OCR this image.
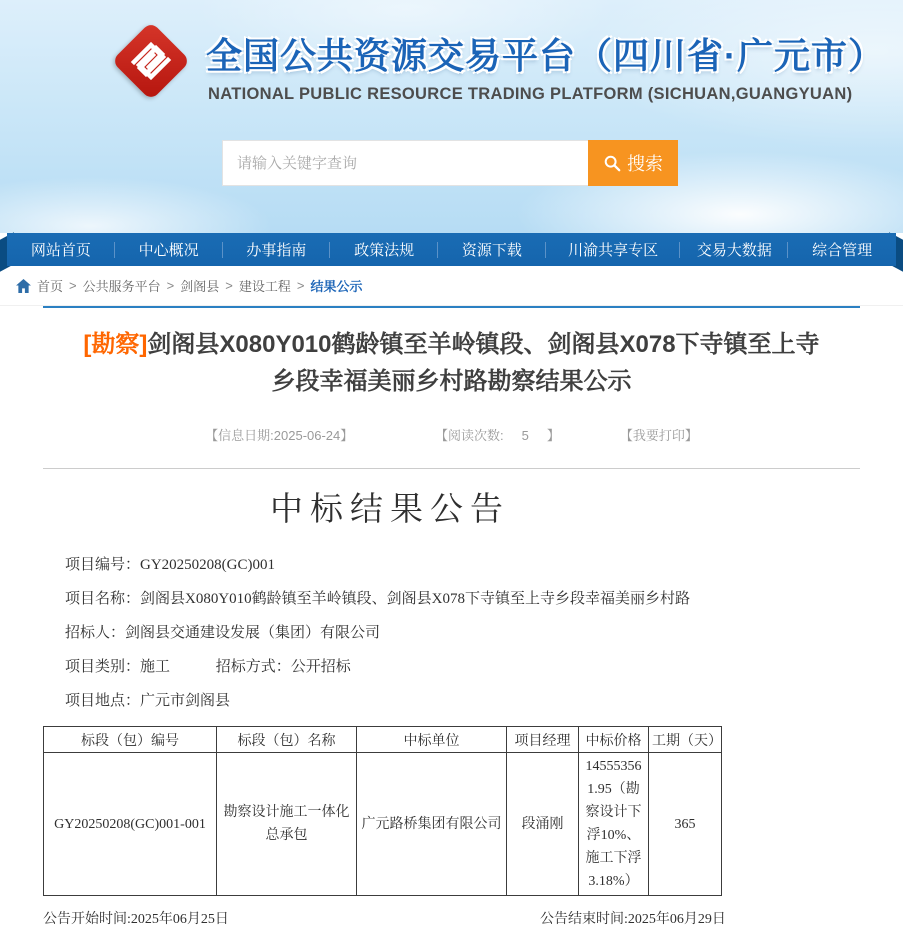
全国公共资源交易平台（四川省·广元市）
NATIONAL PUBLIC RESOURCE TRADING PLATFORM (SICHUAN,GUANGYUAN)
请输入关键字查询
搜索
网站首页	中心概况	办事指南	政策法规	资源下载	川渝共享专区	交易大数据	综合管理
首页 > 公共服务平台 > 剑阁县 > 建设工程 > 结果公示
[勘察]剑阁县X080Y010鹤龄镇至羊岭镇段、剑阁县X078下寺镇至上寺乡段幸福美丽乡村路勘察结果公示
【信息日期:2025-06-24】	【阅读次数: 5 】
	【我要打印】
中标结果公告
项目编号：GY20250208(GC)001
项目名称：剑阁县X080Y010鹤龄镇至羊岭镇段、剑阁县X078下寺镇至上寺乡段幸福美丽乡村路
招标人：剑阁县交通建设发展（集团）有限公司
项目类别：施工	招标方式：公开招标
项目地点：广元市剑阁县
标段（包）编号	标段（包）名称	中标单位	项目经理	中标价格	工期（天）
GY20250208(GC)001-001	勘察设计施工一体化总承包	广元路桥集团有限公司	段涌刚	145553561.95（勘察设计下浮10%、施工下浮3.18%）	365
公告开始时间:2025年06月25日	公告结束时间:2025年06月29日
